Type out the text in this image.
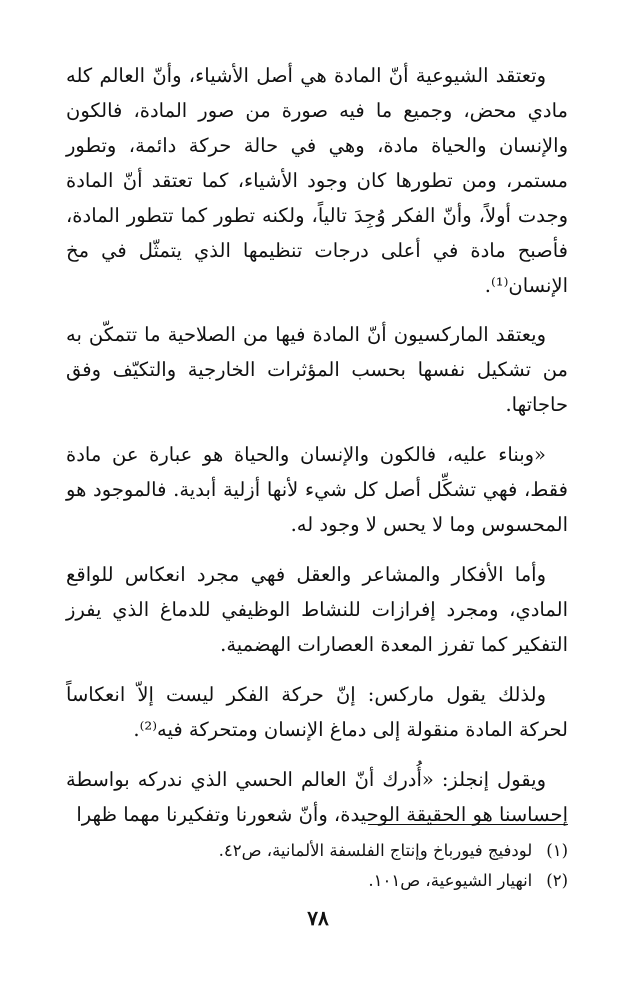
وتعتقد الشيوعية أنّ المادة هي أصل الأشياء، وأنّ العالم كله مادي محض، وجميع ما فيه صورة من صور المادة، فالكون والإنسان والحياة مادة، وهي في حالة حركة دائمة، وتطور مستمر، ومن تطورها كان وجود الأشياء، كما تعتقد أنّ المادة وجدت أولاً، وأنّ الفكر وُجِدَ تالياً، ولكنه تطور كما تتطور المادة، فأصبح مادة في أعلى درجات تنظيمها الذي يتمثّل في مخ الإنسان⁽¹⁾.

ويعتقد الماركسيون أنّ المادة فيها من الصلاحية ما تتمكّن به من تشكيل نفسها بحسب المؤثرات الخارجية والتكيّف وفق حاجاتها.

«وبناء عليه، فالكون والإنسان والحياة هو عبارة عن مادة فقط، فهي تشكِّل أصل كل شيء لأنها أزلية أبدية. فالموجود هو المحسوس وما لا يحس لا وجود له.

وأما الأفكار والمشاعر والعقل فهي مجرد انعكاس للواقع المادي، ومجرد إفرازات للنشاط الوظيفي للدماغ الذي يفرز التفكير كما تفرز المعدة العصارات الهضمية.

ولذلك يقول ماركس: إنّ حركة الفكر ليست إلاّ انعكاساً لحركة المادة منقولة إلى دماغ الإنسان ومتحركة فيه⁽²⁾.

ويقول إنجلز: «أُدرك أنّ العالم الحسي الذي ندركه بواسطة إحساسنا هو الحقيقة الوحيدة، وأنّ شعورنا وتفكيرنا مهما ظهرا

(١)لودفيج فيورباخ وإنتاج الفلسفة الألمانية، ص٤٢.

(٢)انهيار الشيوعية، ص١٠١.

٧٨
